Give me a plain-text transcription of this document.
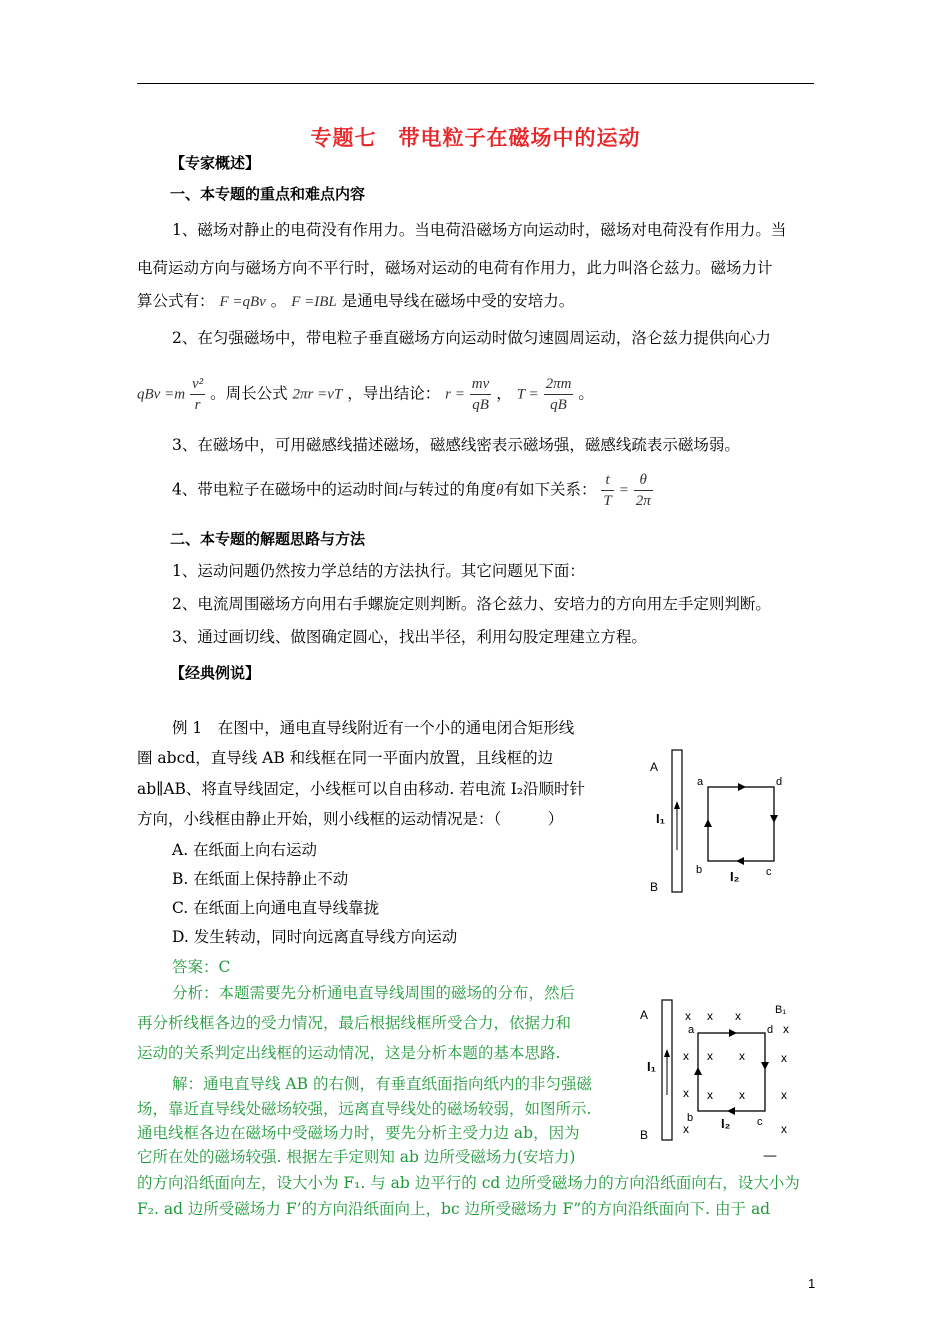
专题七　带电粒子在磁场中的运动
【专家概述】
一、本专题的重点和难点内容
1、磁场对静止的电荷没有作用力。当电荷沿磁场方向运动时，磁场对电荷没有作用力。当
电荷运动方向与磁场方向不平行时，磁场对运动的电荷有作用力，此力叫洛仑兹力。磁场力计
算公式有： F =qBv 。 F =IBL 是通电导线在磁场中受的安培力。
2、在匀强磁场中，带电粒子垂直磁场方向运动时做匀速圆周运动，洛仑兹力提供向心力
qBv $=m \frac{\text{v²}}{r}$ 。周长公式 2πr =vT ，导出结论： $r = \frac{mv}{qB}$ ， $T = \frac{2\pi m}{qB}$ 。
3、在磁场中，可用磁感线描述磁场，磁感线密表示磁场强，磁感线疏表示磁场弱。
4、带电粒子在磁场中的运动时间t与转过的角度θ有如下关系： $\frac{t}{T} = \frac{\theta}{2\pi}$
二、本专题的解题思路与方法
1、运动问题仍然按力学总结的方法执行。其它问题见下面：
2、电流周围磁场方向用右手螺旋定则判断。洛仑兹力、安培力的方向用左手定则判断。
3、通过画切线、做图确定圆心，找出半径，利用勾股定理建立方程。
【经典例说】
例 1　在图中，通电直导线附近有一个小的通电闭合矩形线
圈 abcd，直导线 AB 和线框在同一平面内放置，且线框的边
ab∥AB、将直导线固定，小线框可以自由移动. 若电流 I₂沿顺时针
方向，小线框由静止开始，则小线框的运动情况是：（　　　）
A. 在纸面上向右运动
B. 在纸面上保持静止不动
C. 在纸面上向通电直导线靠拢
D. 发生转动，同时向远离直导线方向运动
答案：C
分析：本题需要先分析通电直导线周围的磁场的分布，然后
再分析线框各边的受力情况，最后根据线框所受合力，依据力和
运动的关系判定出线框的运动情况，这是分析本题的基本思路.
解：通电直导线 AB 的右侧，有垂直纸面指向纸内的非匀强磁
场，靠近直导线处磁场较强，远离直导线处的磁场较弱，如图所示.
通电线框各边在磁场中受磁场力时，要先分析主受力边 ab，因为
它所在处的磁场较强. 根据左手定则知 ab 边所受磁场力(安培力)
的方向沿纸面向左，设大小为 F₁. 与 ab 边平行的 cd 边所受磁场力的方向沿纸面向右，设大小为
F₂. ad 边所受磁场力 F’的方向沿纸面向上，bc 边所受磁场力 F”的方向沿纸面向下. 由于 ad
—
A
B
I₁
a	d
b	c
I₂
A
B
I₁
B₁
a	d
b	c
I₂
x x x
x
x x x	x
x x x	x
x	x
1
